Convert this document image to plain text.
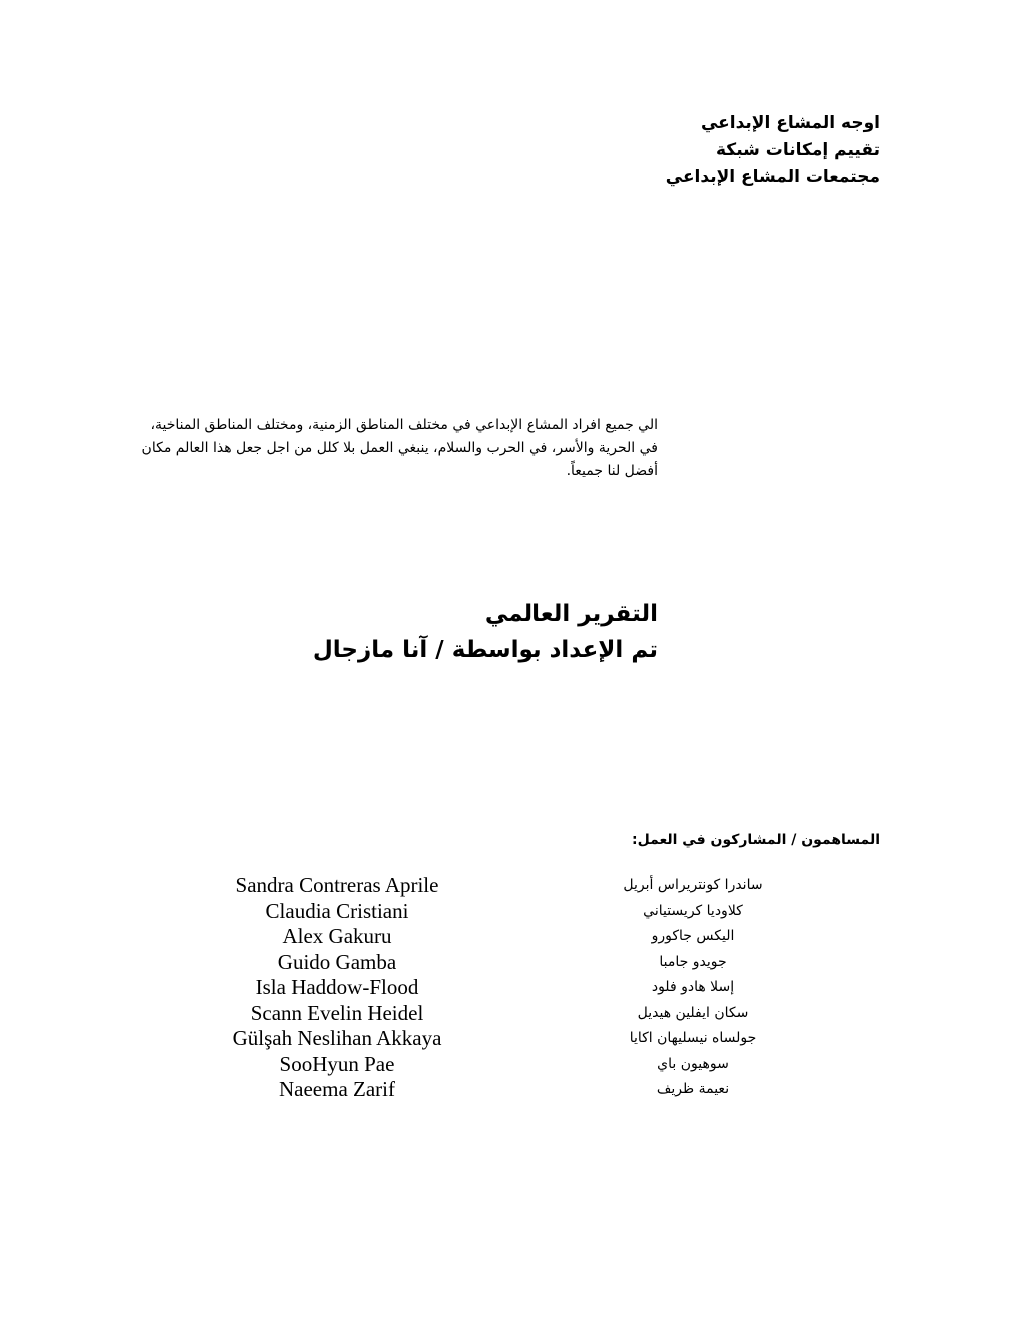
اوجه المشاع الإبداعي
تقييم إمكانات شبكة
مجتمعات المشاع الإبداعي
الي جميع افراد المشاع الإبداعي في مختلف المناطق الزمنية، ومختلف المناطق المناخية، في الحرية والأسر، في الحرب والسلام، ينبغي العمل بلا كلل من اجل جعل هذا العالم مكان أفضل لنا جميعاً.
التقرير العالمي
تم الإعداد بواسطة / آنا مازجال
المساهمون / المشاركون في العمل:
Sandra Contreras Aprile
Claudia Cristiani
Alex Gakuru
Guido Gamba
Isla Haddow-Flood
Scann Evelin Heidel
Gülşah Neslihan Akkaya
SooHyun Pae
Naeema Zarif
ساندرا كونتريراس أبريل
كلاوديا كريستياني
اليكس جاكورو
جويدو جامبا
إسلا هادو فلود
سكان ايفلين هيديل
جولساه نيسليهان اكايا
سوهيون باي
نعيمة ظريف
